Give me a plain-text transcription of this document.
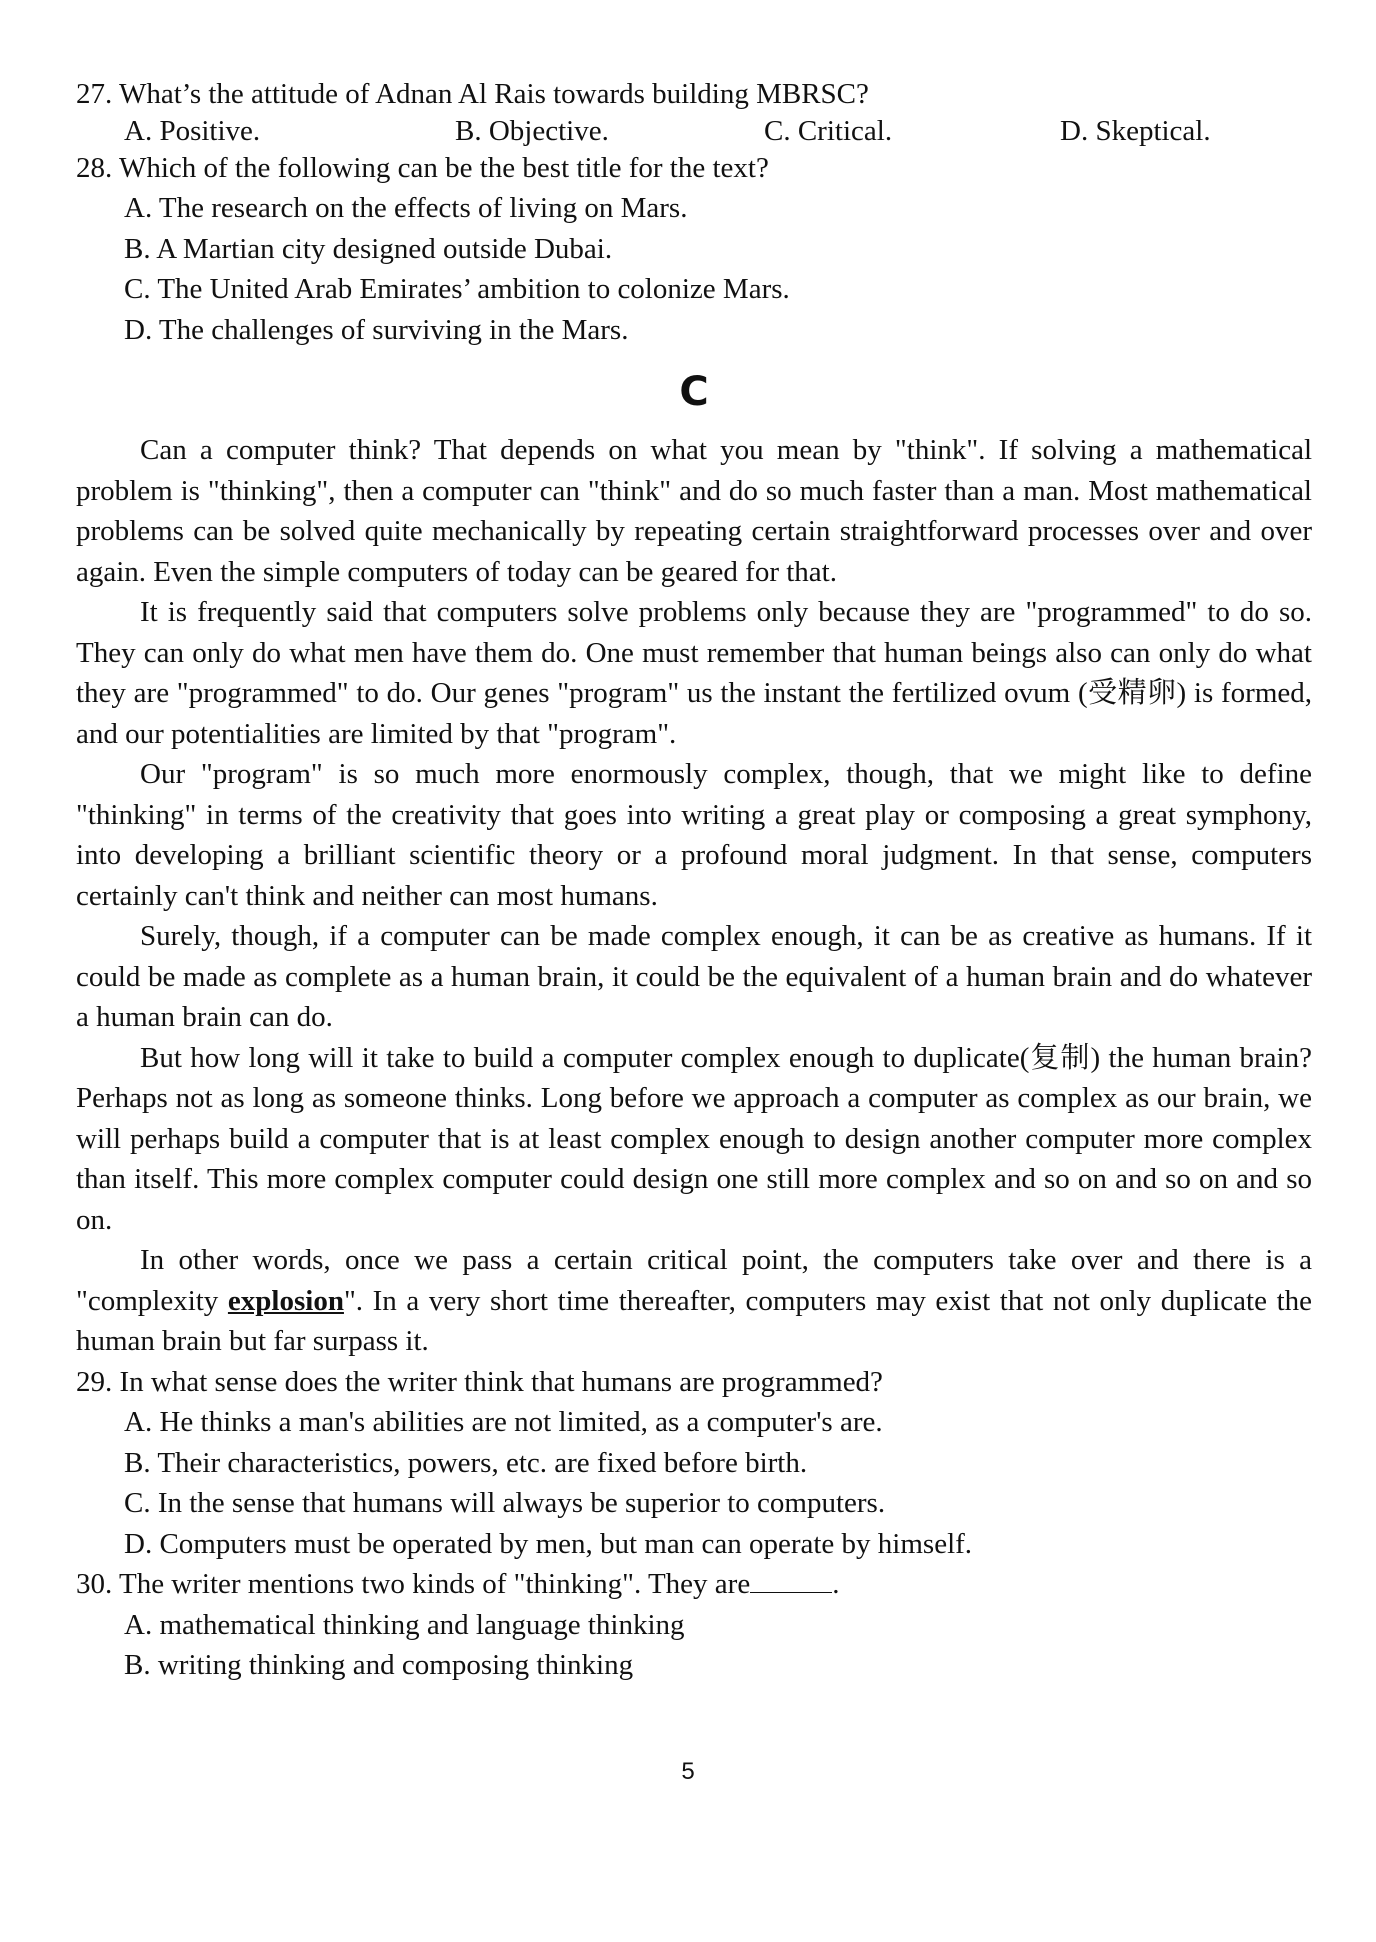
27. What’s the attitude of Adnan Al Rais towards building MBRSC?
A. Positive.	B. Objective.	C. Critical.	D. Skeptical.
28. Which of the following can be the best title for the text?
A. The research on the effects of living on Mars.
B. A Martian city designed outside Dubai.
C. The United Arab Emirates’ ambition to colonize Mars.
D. The challenges of surviving in the Mars.
C

Can a computer think? That depends on what you mean by "think". If solving a mathematical problem is "thinking", then a computer can "think" and do so much faster than a man. Most mathematical problems can be solved quite mechanically by repeating certain straightforward processes over and over again. Even the simple computers of today can be geared for that.

It is frequently said that computers solve problems only because they are "programmed" to do so. They can only do what men have them do. One must remember that human beings also can only do what they are "programmed" to do. Our genes "program" us the instant the fertilized ovum (受精卵) is formed, and our potentialities are limited by that "program".

Our "program" is so much more enormously complex, though, that we might like to define "thinking" in terms of the creativity that goes into writing a great play or composing a great symphony, into developing a brilliant scientific theory or a profound moral judgment. In that sense, computers certainly can't think and neither can most humans.

Surely, though, if a computer can be made complex enough, it can be as creative as humans. If it could be made as complete as a human brain, it could be the equivalent of a human brain and do whatever a human brain can do.

But how long will it take to build a computer complex enough to duplicate(复制) the human brain? Perhaps not as long as someone thinks. Long before we approach a computer as complex as our brain, we will perhaps build a computer that is at least complex enough to design another computer more complex than itself. This more complex computer could design one still more complex and so on and so on and so on.

In other words, once we pass a certain critical point, the computers take over and there is a "complexity explosion". In a very short time thereafter, computers may exist that not only duplicate the human brain but far surpass it.

29. In what sense does the writer think that humans are programmed?
A. He thinks a man's abilities are not limited, as a computer's are.
B. Their characteristics, powers, etc. are fixed before birth.
C. In the sense that humans will always be superior to computers.
D. Computers must be operated by men, but man can operate by himself.
30. The writer mentions two kinds of "thinking". They are	.
A. mathematical thinking and language thinking
B. writing thinking and composing thinking
5
